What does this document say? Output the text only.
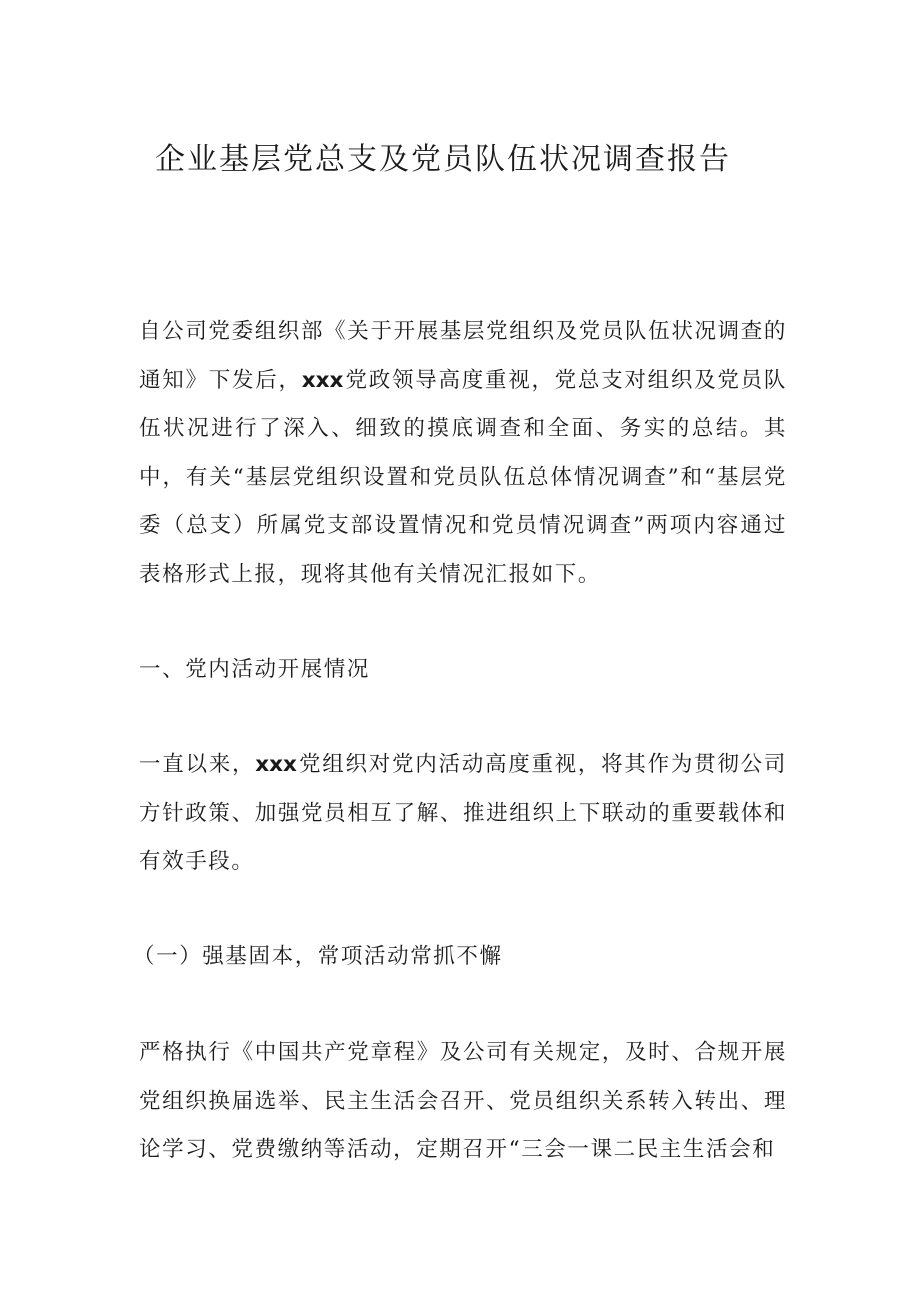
企业基层党总支及党员队伍状况调查报告

自公司党委组织部《关于开展基层党组织及党员队伍状况调查的通知》下发后，xxx党政领导高度重视，党总支对组织及党员队伍状况进行了深入、细致的摸底调查和全面、务实的总结。其中，有关“基层党组织设置和党员队伍总体情况调查”和“基层党委（总支）所属党支部设置情况和党员情况调查”两项内容通过表格形式上报，现将其他有关情况汇报如下。

一、党内活动开展情况

一直以来，xxx党组织对党内活动高度重视，将其作为贯彻公司方针政策、加强党员相互了解、推进组织上下联动的重要载体和有效手段。

（一）强基固本，常项活动常抓不懈

严格执行《中国共产党章程》及公司有关规定，及时、合规开展党组织换届选举、民主生活会召开、党员组织关系转入转出、理论学习、党费缴纳等活动，定期召开“三会一课二民主生活会和
